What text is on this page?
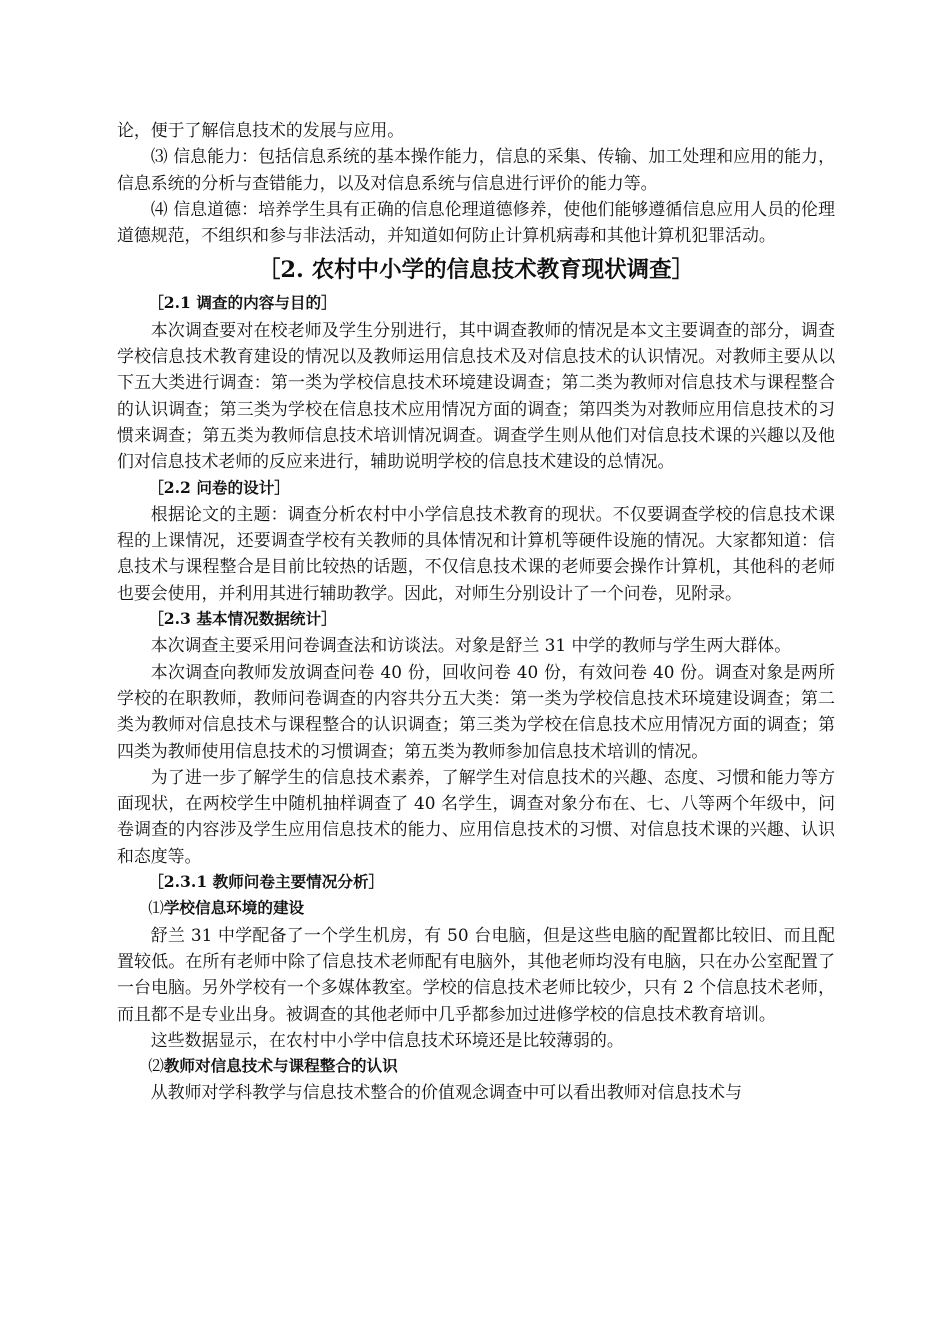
论，便于了解信息技术的发展与应用。

⑶ 信息能力：包括信息系统的基本操作能力，信息的采集、传输、加工处理和应用的能力，信息系统的分析与查错能力，以及对信息系统与信息进行评价的能力等。

⑷ 信息道德：培养学生具有正确的信息伦理道德修养，使他们能够遵循信息应用人员的伦理道德规范，不组织和参与非法活动，并知道如何防止计算机病毒和其他计算机犯罪活动。

［2. 农村中小学的信息技术教育现状调查］

［2.1 调查的内容与目的］

本次调查要对在校老师及学生分别进行，其中调查教师的情况是本文主要调查的部分，调查学校信息技术教育建设的情况以及教师运用信息技术及对信息技术的认识情况。对教师主要从以下五大类进行调查：第一类为学校信息技术环境建设调查；第二类为教师对信息技术与课程整合的认识调查；第三类为学校在信息技术应用情况方面的调查；第四类为对教师应用信息技术的习惯来调查；第五类为教师信息技术培训情况调查。调查学生则从他们对信息技术课的兴趣以及他们对信息技术老师的反应来进行，辅助说明学校的信息技术建设的总情况。

［2.2 问卷的设计］

根据论文的主题：调查分析农村中小学信息技术教育的现状。不仅要调查学校的信息技术课程的上课情况，还要调查学校有关教师的具体情况和计算机等硬件设施的情况。大家都知道：信息技术与课程整合是目前比较热的话题，不仅信息技术课的老师要会操作计算机，其他科的老师也要会使用，并利用其进行辅助教学。因此，对师生分别设计了一个问卷，见附录。

［2.3 基本情况数据统计］

本次调查主要采用问卷调查法和访谈法。对象是舒兰 31 中学的教师与学生两大群体。

本次调查向教师发放调查问卷 40 份，回收问卷 40 份，有效问卷 40 份。调查对象是两所学校的在职教师，教师问卷调查的内容共分五大类：第一类为学校信息技术环境建设调查；第二类为教师对信息技术与课程整合的认识调查；第三类为学校在信息技术应用情况方面的调查；第四类为教师使用信息技术的习惯调查；第五类为教师参加信息技术培训的情况。

为了进一步了解学生的信息技术素养，了解学生对信息技术的兴趣、态度、习惯和能力等方面现状，在两校学生中随机抽样调查了 40 名学生，调查对象分布在、七、八等两个年级中，问卷调查的内容涉及学生应用信息技术的能力、应用信息技术的习惯、对信息技术课的兴趣、认识和态度等。

［2.3.1 教师问卷主要情况分析］

⑴学校信息环境的建设

舒兰 31 中学配备了一个学生机房，有 50 台电脑，但是这些电脑的配置都比较旧、而且配置较低。在所有老师中除了信息技术老师配有电脑外，其他老师均没有电脑，只在办公室配置了一台电脑。另外学校有一个多媒体教室。学校的信息技术老师比较少，只有 2 个信息技术老师，而且都不是专业出身。被调查的其他老师中几乎都参加过进修学校的信息技术教育培训。

这些数据显示，在农村中小学中信息技术环境还是比较薄弱的。

⑵教师对信息技术与课程整合的认识

从教师对学科教学与信息技术整合的价值观念调查中可以看出教师对信息技术与
